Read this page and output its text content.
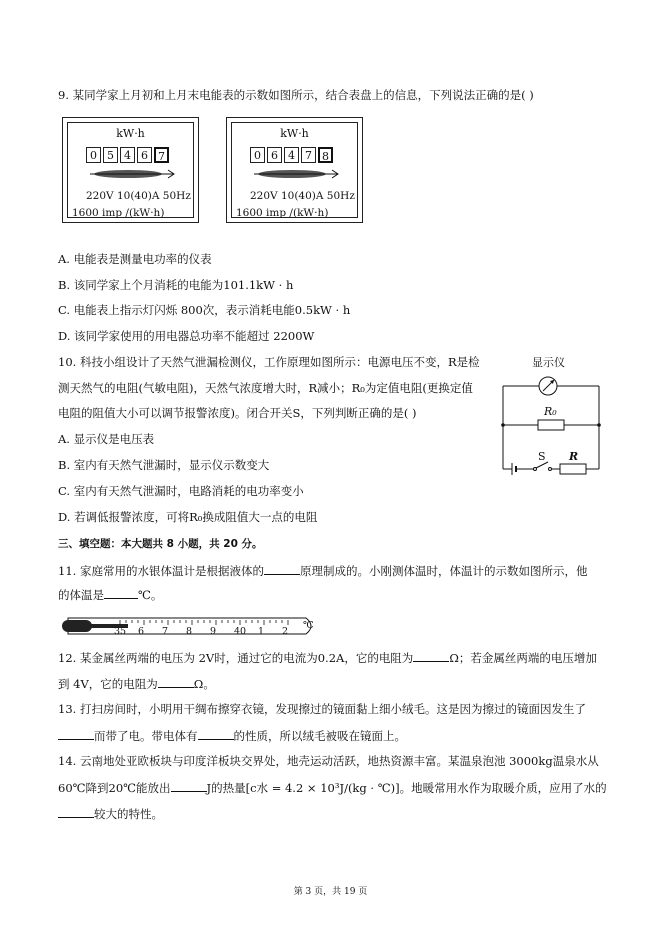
9. 某同学家上月初和上月末电能表的示数如图所示，结合表盘上的信息，下列说法正确的是( )
kW·h
0 5 4 6 7
220V 10(40)A 50Hz
1600 imp /(kW·h)
kW·h
0 6 4 7 8
220V 10(40)A 50Hz
1600 imp /(kW·h)
A. 电能表是测量电功率的仪表
B. 该同学家上个月消耗的电能为101.1kW · h
C. 电能表上指示灯闪烁 800次，表示消耗电能0.5kW · h
D. 该同学家使用的用电器总功率不能超过 2200W
10. 科技小组设计了天然气泄漏检测仪，工作原理如图所示：电源电压不变，R是检
测天然气的电阻(气敏电阻)，天然气浓度增大时，R减小；R₀为定值电阻(更换定值
电阻的阻值大小可以调节报警浓度)。闭合开关S，下列判断正确的是( )
A. 显示仪是电压表
B. 室内有天然气泄漏时，显示仪示数变大
C. 室内有天然气泄漏时，电路消耗的电功率变小
D. 若调低报警浓度，可将R₀换成阻值大一点的电阻
显示仪
R₀
S R
三、填空题：本大题共 8 小题，共 20 分。
11. 家庭常用的水银体温计是根据液体的	原理制成的。小刚测体温时，体温计的示数如图所示，他
的体温是	℃。
35	6	7	8	9	40	1	2
℃
12. 某金属丝两端的电压为 2V时，通过它的电流为0.2A，它的电阻为	Ω；若金属丝两端的电压增加
到 4V，它的电阻为	Ω。
13. 打扫房间时，小明用干绸布擦穿衣镜，发现擦过的镜面黏上细小绒毛。这是因为擦过的镜面因发生了
而带了电。带电体有	的性质，所以绒毛被吸在镜面上。
14. 云南地处亚欧板块与印度洋板块交界处，地壳运动活跃，地热资源丰富。某温泉泡池 3000kg温泉水从
60℃降到20℃能放出	J的热量[c水 = 4.2 × 10³J/(kg · ℃)]。地暖常用水作为取暖介质，应用了水的
较大的特性。
第 3 页，共 19 页
